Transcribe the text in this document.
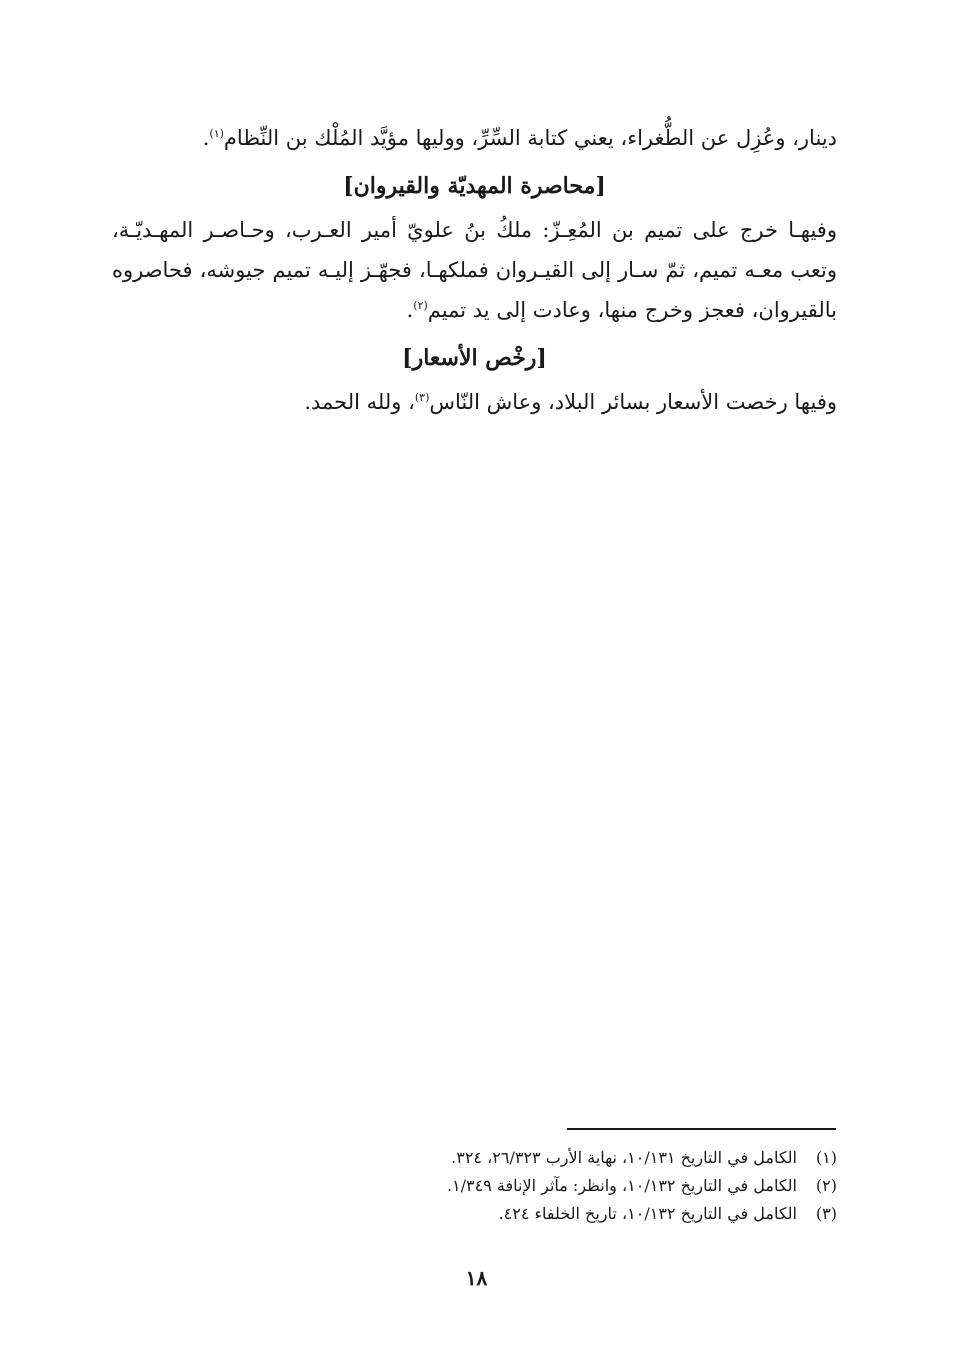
دينار، وعُزِل عن الطُّغراء، يعني كتابة السِّرِّ، ووليها مؤيَّد المُلْك بن النِّظام$^{(١)}$.

[محاصرة المهديّة والقيروان]

وفيهـا خرج على تميم بن المُعِـزّ: ملكُ بنُ علويّ أمير العـرب، وحـاصـر المهـديّـة، وتعب معـه تميم، ثمّ سـار إلى القيـروان فملكهـا، فجهّـز إليـه تميم جيوشه، فحاصروه بالقيروان، فعجز وخرج منها، وعادت إلى يد تميم$^{(٢)}$.

[رخْص الأسعار]

وفيها رخصت الأسعار بسائر البلاد، وعاش النّاس$^{(٣)}$، ولله الحمد.

(١)
الكامل في التاريخ ١٠/١٣١، نهاية الأرب ٢٦/٣٢٣، ٣٢٤.
(٢)
الكامل في التاريخ ١٠/١٣٢، وانظر: مآثر الإنافة ١/٣٤٩.
(٣)
الكامل في التاريخ ١٠/١٣٢، تاريخ الخلفاء ٤٢٤.
١٨
